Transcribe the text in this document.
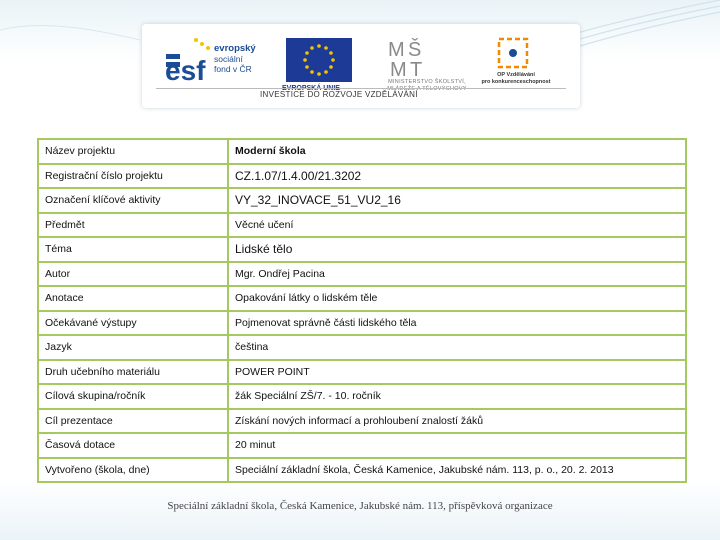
esf
evropský
sociální
fond v ČR
M Š
M T
MINISTERSTVO ŠKOLSTVÍ,
OP Vzdělávání
pro konkurenceschopnost
INVESTICE DO ROZVOJE VZDĚLÁVÁNÍ
Název projektu	Moderní škola
Registrační číslo projektu	CZ.1.07/1.4.00/21.3202
Označení klíčové aktivity	VY_32_INOVACE_51_VU2_16
Předmět	Věcné učení
Téma	Lidské tělo
Autor	Mgr. Ondřej Pacina
Anotace	Opakování látky o lidském těle
Očekávané výstupy	Pojmenovat správně části lidského těla
Jazyk	čeština
Druh učebního materiálu	POWER POINT
Cílová skupina/ročník	žák Speciální ZŠ/7. - 10. ročník
Cíl prezentace	Získání nových informací a prohloubení znalostí žáků
Časová dotace	20 minut
Vytvořeno (škola, dne)	Speciální základní škola, Česká Kamenice, Jakubské nám. 113, p. o., 20. 2. 2013
Speciální základní škola, Česká Kamenice, Jakubské nám. 113, příspěvková organizace
